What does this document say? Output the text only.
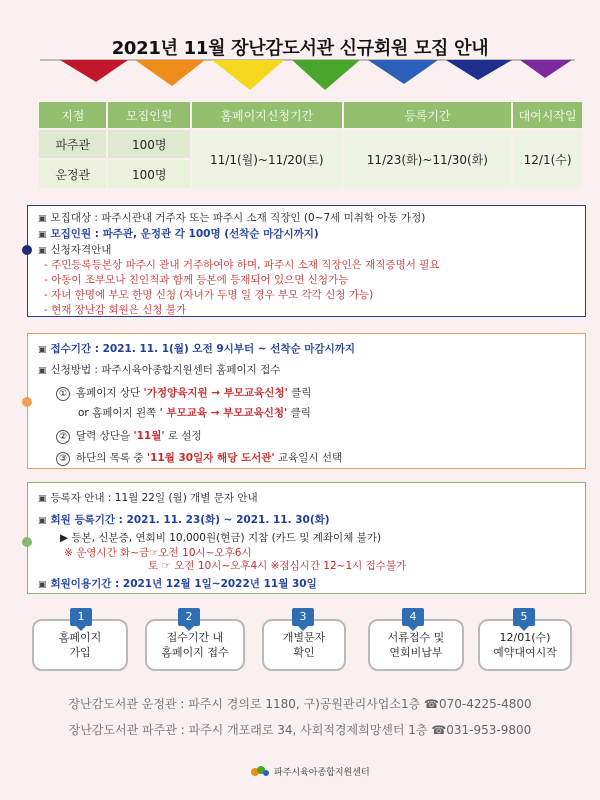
2021년 11월 장난감도서관 신규회원 모집 안내
지점	모집인원	홈페이지신청기간	등록기간	대여시작일
파주관	100명	11/1(월)~11/20(토)	11/23(화)~11/30(화)	12/1(수)
운정관	100명			
▣ 모집대상 : 파주시관내 거주자 또는 파주시 소재 직장인 (0~7세 미취학 아동 가정)
▣ 모집인원 : 파주관, 운정관 각 100명 (선착순 마감시까지)
▣ 신청자격안내
- 주민등록등본상 파주시 관내 거주하여야 하며, 파주시 소재 직장인은 재직증명서 필요
- 아동이 조부모나 친인척과 함께 등본에 등재되어 있으면 신청가능
- 자녀 한명에 부모 한명 신청 (자녀가 두명 일 경우 부모 각각 신청 가능)
- 현재 장난감 회원은 신청 불가
▣ 접수기간 : 2021. 11. 1(월) 오전 9시부터 ~ 선착순 마감시까지
▣ 신청방법 : 파주시육아종합지원센터 홈페이지 접수
① 홈페이지 상단 '가정양육지원 → 부모교육신청' 클릭
or 홈페이지 왼쪽 ' 부모교육 → 부모교육신청' 클릭
② 달력 상단을 '11월' 로 설정
③ 하단의 목록 중 '11월 30일자 해당 도서관' 교육일시 선택
▣ 등록자 안내 : 11월 22일 (월) 개별 문자 안내
▣ 회원 등록기간 : 2021. 11. 23(화) ~ 2021. 11. 30(화)
▶ 등본, 신분증, 연회비 10,000원(현금) 지참 (카드 및 계좌이체 불가)
※ 운영시간 화~금☞오전 10시~오후6시
토 ☞ 오전 10시~오후4시 ※점심시간 12~1시 접수불가
▣ 회원이용기간 : 2021년 12월 1일~2022년 11월 30일
홈페이지
가입
1
접수기간 내
홈페이지 접수
2
개별문자
확인
3
서류접수 및
연회비납부
4
12/01(수)
예약대여시작
5
장난감도서관 운정관 : 파주시 경의로 1180, 구)공원관리사업소1층 ☎070-4225-4800
장난감도서관 파주관 : 파주시 개포래로 34, 사회적경제희망센터 1층 ☎031-953-9800
파주시육아종합지원센터
